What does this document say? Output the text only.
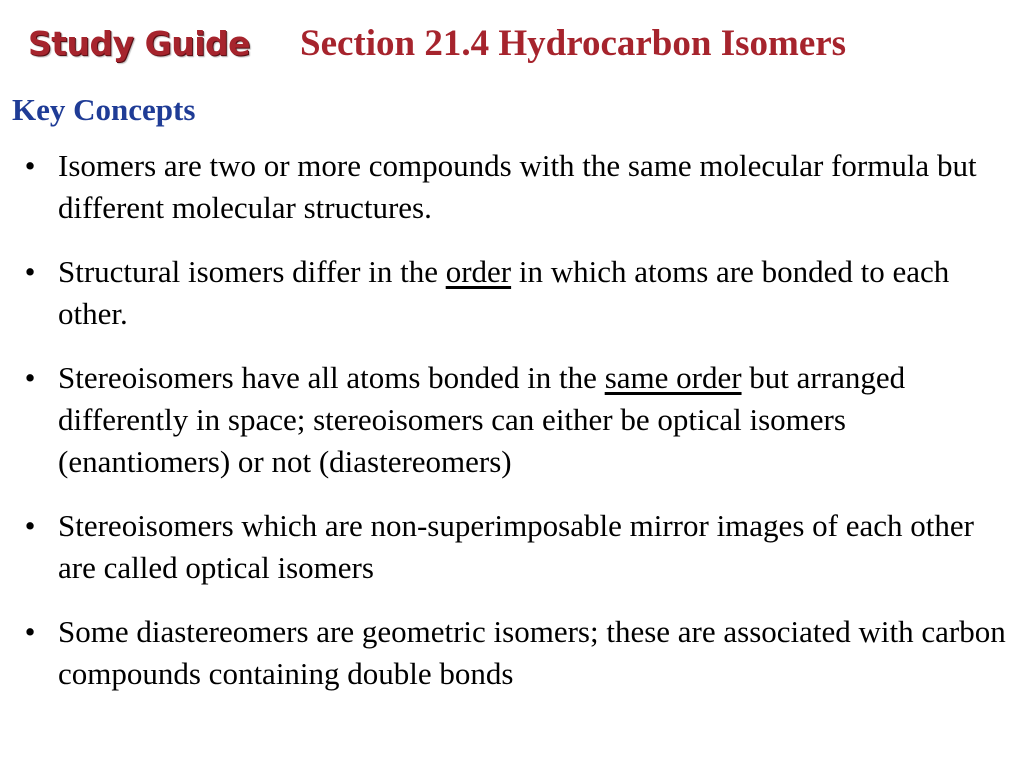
Study Guide Section 21.4 Hydrocarbon Isomers
Key Concepts
• Isomers are two or more compounds with the same molecular formula but different molecular structures.
• Structural isomers differ in the order in which atoms are bonded to each other.
• Stereoisomers have all atoms bonded in the same order but arranged differently in space; stereoisomers can either be optical isomers (enantiomers) or not (diastereomers)
• Stereoisomers which are non-superimposable mirror images of each other are called optical isomers
• Some diastereomers are geometric isomers; these are associated with carbon compounds containing double bonds
